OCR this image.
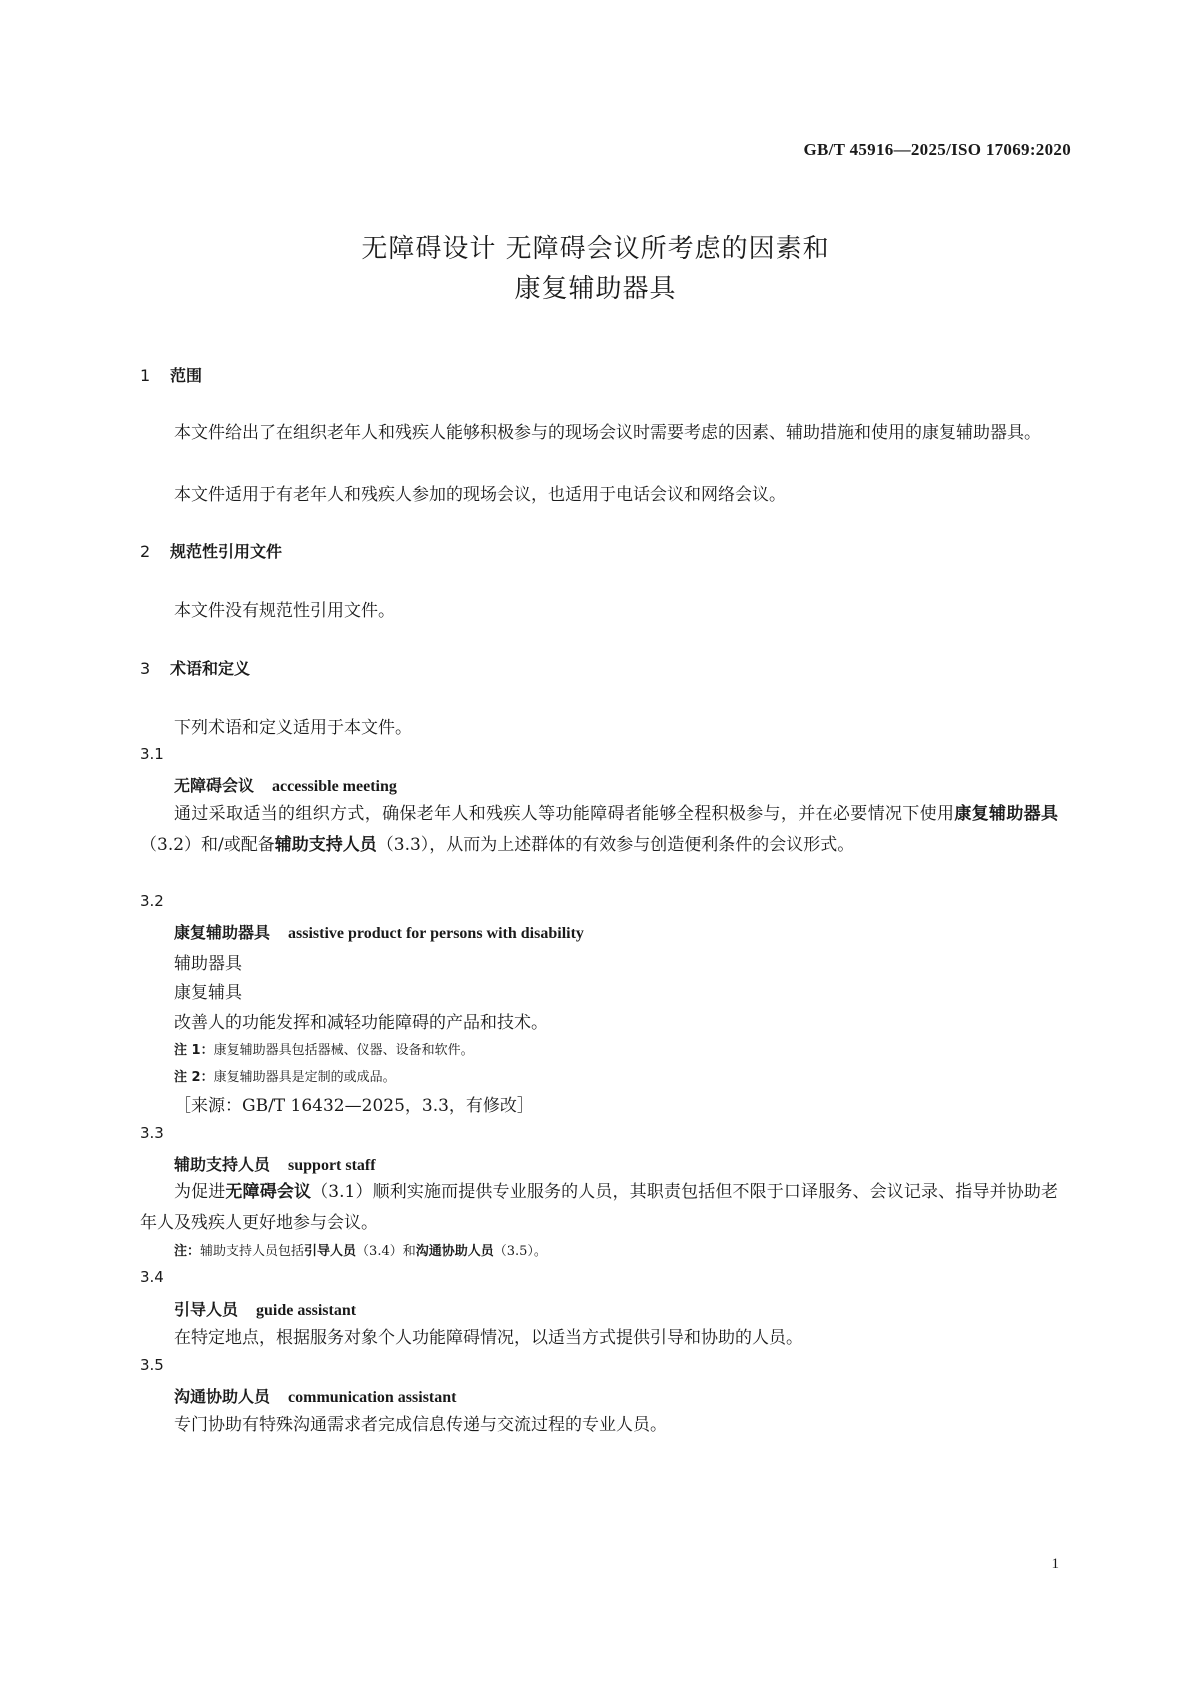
GB/T 45916—2025/ISO 17069:2020
无障碍设计 无障碍会议所考虑的因素和
康复辅助器具
1 范围
本文件给出了在组织老年人和残疾人能够积极参与的现场会议时需要考虑的因素、辅助措施和使用的康复辅助器具。
本文件适用于有老年人和残疾人参加的现场会议，也适用于电话会议和网络会议。
2 规范性引用文件
本文件没有规范性引用文件。
3 术语和定义
下列术语和定义适用于本文件。
3.1
无障碍会议 accessible meeting
通过采取适当的组织方式，确保老年人和残疾人等功能障碍者能够全程积极参与，并在必要情况下使用康复辅助器具（3.2）和/或配备辅助支持人员（3.3），从而为上述群体的有效参与创造便利条件的会议形式。
3.2
康复辅助器具 assistive product for persons with disability
辅助器具
康复辅具
改善人的功能发挥和减轻功能障碍的产品和技术。
注 1：康复辅助器具包括器械、仪器、设备和软件。
注 2：康复辅助器具是定制的或成品。
［来源：GB/T 16432—2025，3.3，有修改］
3.3
辅助支持人员 support staff
为促进无障碍会议（3.1）顺利实施而提供专业服务的人员，其职责包括但不限于口译服务、会议记录、指导并协助老年人及残疾人更好地参与会议。
注：辅助支持人员包括引导人员（3.4）和沟通协助人员（3.5）。
3.4
引导人员 guide assistant
在特定地点，根据服务对象个人功能障碍情况，以适当方式提供引导和协助的人员。
3.5
沟通协助人员 communication assistant
专门协助有特殊沟通需求者完成信息传递与交流过程的专业人员。
1
